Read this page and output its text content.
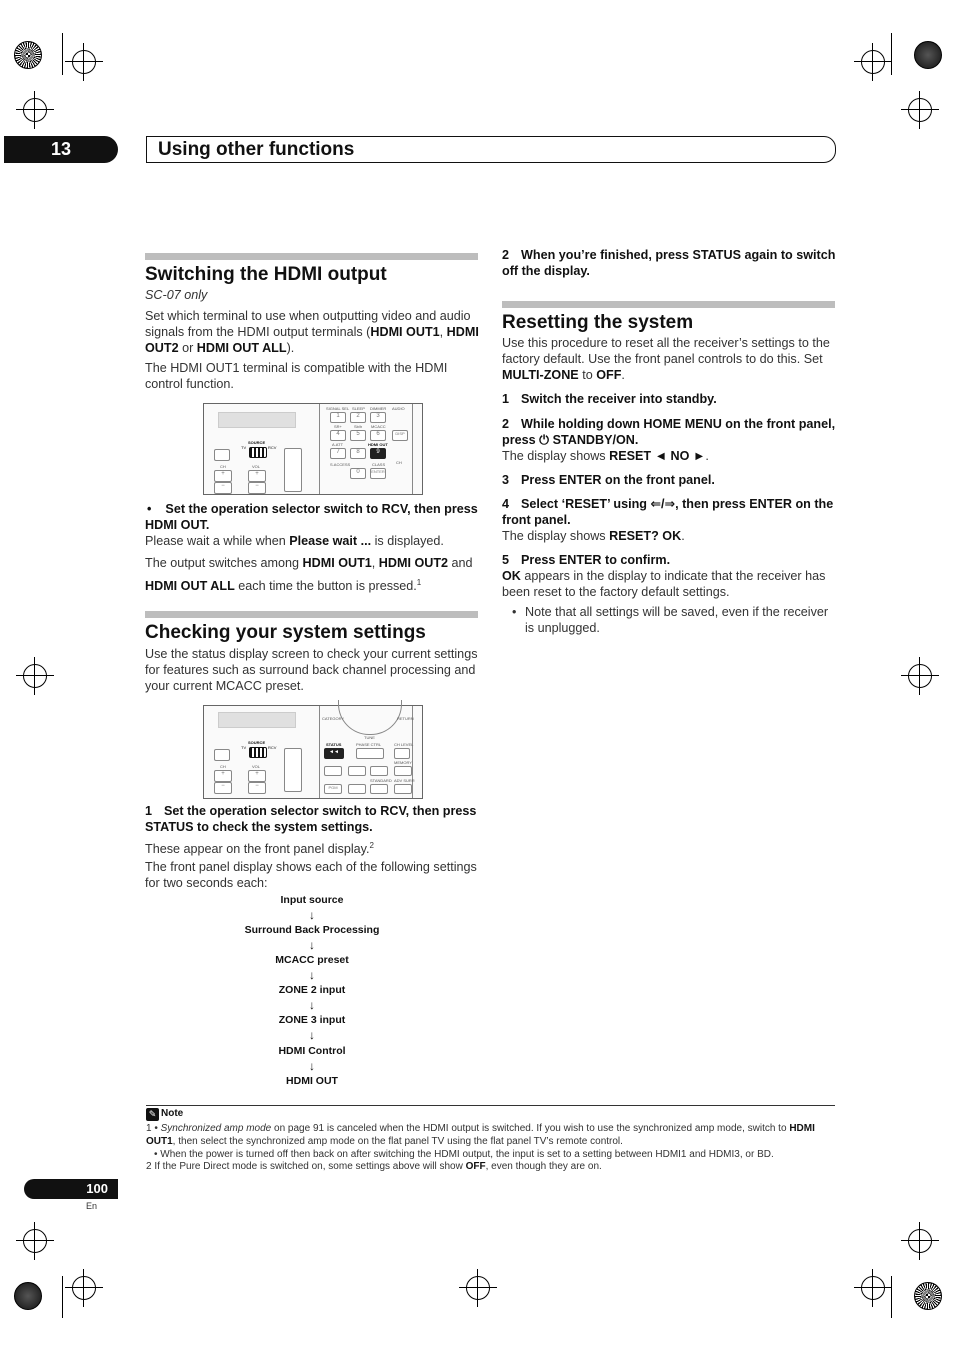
13	Using other functions
Switching the HDMI output

SC-07 only

Set which terminal to use when outputting video and audio signals from the HDMI output terminals (HDMI OUT1, HDMI OUT2 or HDMI OUT ALL).

The HDMI OUT1 terminal is compatible with the HDMI control function.

SOURCE
TV	RCV
CH	VOL
+
−
+
−
SIGNAL SEL SLEEP DIMMER AUDIO
1	2	3
SR+	Sb/h MCACC
4	5	6	DISP
A.ATT	HDMI OUT
7	8	9
CH
S.ACCESS	CLASS
0	ENTER

• Set the operation selector switch to RCV, then press HDMI OUT.

Please wait a while when Please wait ... is displayed.

The output switches among HDMI OUT1, HDMI OUT2 and HDMI OUT ALL each time the button is pressed.$^1$

Checking your system settings

Use the status display screen to check your current settings for features such as surround back channel processing and your current MCACC preset.

SOURCE
TV	RCV
CH	VOL
+
−
+
−
CATEGORY	RETURN
TUNE
STATUS	PHASE CTRL	CH LEVEL
◄◄
MEMORY
STANDARD ADV SURR
PGM

1 Set the operation selector switch to RCV, then press STATUS to check the system settings.

These appear on the front panel display.$^2$

The front panel display shows each of the following settings for two seconds each:

Input source
↓
Surround Back Processing
↓
MCACC preset
↓
ZONE 2 input
↓
ZONE 3 input
↓
HDMI Control
↓
HDMI OUT

2 When you’re finished, press STATUS again to switch off the display.

Resetting the system

Use this procedure to reset all the receiver’s settings to the factory default. Use the front panel controls to do this. Set MULTI-ZONE to OFF.

1 Switch the receiver into standby.

2 While holding down HOME MENU on the front panel, press ⏻ STANDBY/ON.

The display shows RESET ◄ NO ►.

3 Press ENTER on the front panel.

4 Select ‘RESET’ using ⇐/⇒, then press ENTER on the front panel.

The display shows RESET? OK.

5 Press ENTER to confirm.

OK appears in the display to indicate that the receiver has been reset to the factory default settings.

• Note that all settings will be saved, even if the receiver is unplugged.
✎ Note
1 • Synchronized amp mode on page 91 is canceled when the HDMI output is switched. If you wish to use the synchronized amp mode, switch to HDMI OUT1, then select the synchronized amp mode on the flat panel TV using the flat panel TV’s remote control.
• When the power is turned off then back on after switching the HDMI output, the input is set to a setting between HDMI1 and HDMI3, or BD.
2 If the Pure Direct mode is switched on, some settings above will show OFF, even though they are on.
100
En
